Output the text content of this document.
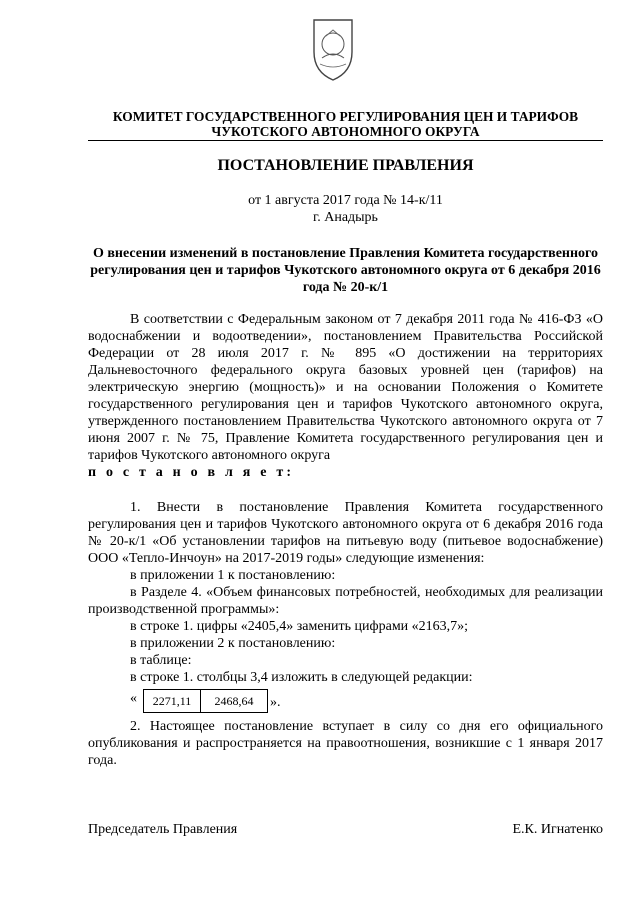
КОМИТЕТ ГОСУДАРСТВЕННОГО РЕГУЛИРОВАНИЯ ЦЕН И ТАРИФОВ
ЧУКОТСКОГО АВТОНОМНОГО ОКРУГА
ПОСТАНОВЛЕНИЕ ПРАВЛЕНИЯ
от 1 августа 2017 года № 14-к/11
г. Анадырь
О внесении изменений в постановление Правления Комитета государственного регулирования цен и тарифов Чукотского автономного округа от 6 декабря 2016 года № 20-к/1

В соответствии с Федеральным законом от 7 декабря 2011 года № 416-ФЗ «О водоснабжении и водоотведении», постановлением Правительства Российской Федерации от 28 июля 2017 г. № 895 «О достижении на территориях Дальневосточного федерального округа базовых уровней цен (тарифов) на электрическую энергию (мощность)» и на основании Положения о Комитете государственного регулирования цен и тарифов Чукотского автономного округа, утвержденного постановлением Правительства Чукотского автономного округа от 7 июня 2007 г. № 75, Правление Комитета государственного регулирования цен и тарифов Чукотского автономного округа

п о с т а н о в л я е т:

1. Внести в постановление Правления Комитета государственного регулирования цен и тарифов Чукотского автономного округа от 6 декабря 2016 года № 20-к/1 «Об установлении тарифов на питьевую воду (питьевое водоснабжение) ООО «Тепло-Инчоун» на 2017-2019 годы» следующие изменения:

в приложении 1 к постановлению:

в Разделе 4. «Объем финансовых потребностей, необходимых для реализации производственной программы»:

в строке 1. цифры «2405,4» заменить цифрами «2163,7»;

в приложении 2 к постановлению:

в таблице:

в строке 1. столбцы 3,4 изложить в следующей редакции:

«	2271,11	2468,64	».

2. Настоящее постановление вступает в силу со дня его официального опубликования и распространяется на правоотношения, возникшие с 1 января 2017 года.

Председатель Правления	Е.К. Игнатенко
